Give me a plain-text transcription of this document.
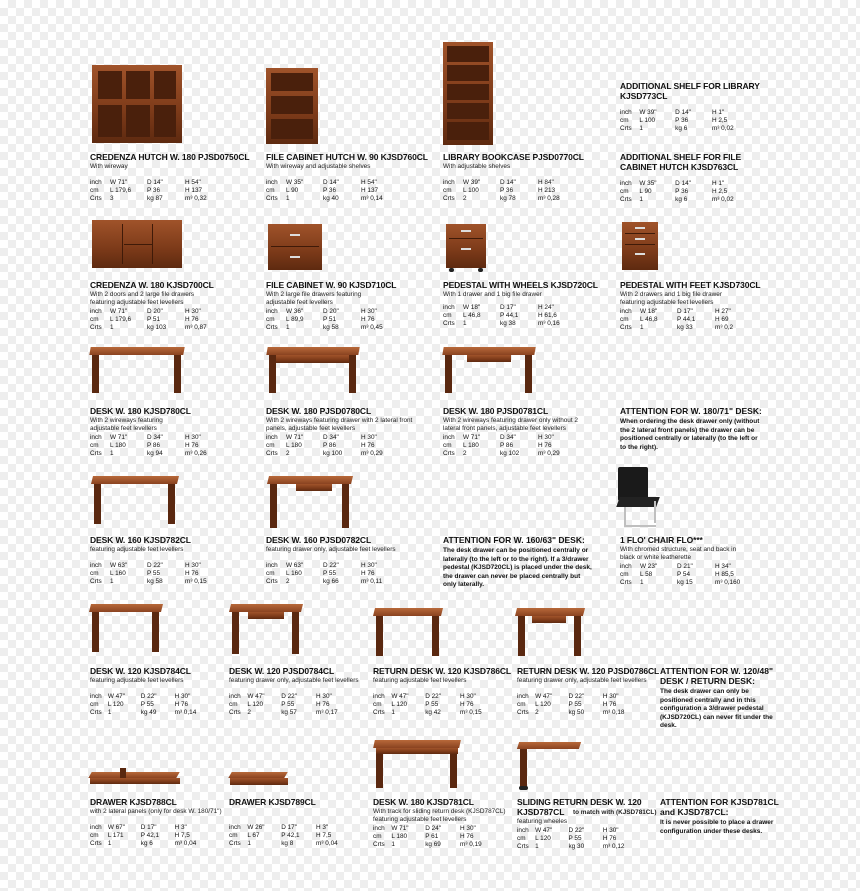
CREDENZA HUTCH W. 180 PJSD0750CL
With wireway
inch	W 71"	D 14"	H 54"
cm	L 179,6	P 36	H 137
Crts	3	kg 87	m³ 0,32
FILE CABINET HUTCH W. 90 KJSD760CL
With wireway and adjustable shelves
inch	W 35"	D 14"	H 54"
cm	L 90	P 36	H 137
Crts	1	kg 40	m³ 0,14
LIBRARY BOOKCASE PJSD0770CL
With adjustable shelves
inch	W 39"	D 14"	H 84"
cm	L 100	P 36	H 213
Crts	2	kg 78	m³ 0,28
ADDITIONAL SHELF FOR LIBRARY KJSD773CL
inch	W 39"	D 14"	H 1"
cm	L 100	P 36	H 2,5
Crts	1	kg 6	m³ 0,02
ADDITIONAL SHELF FOR FILE CABINET HUTCH KJSD763CL
inch	W 35"	D 14"	H 1"
cm	L 90	P 36	H 2,5
Crts	1	kg 6	m³ 0,02
CREDENZA W. 180 KJSD700CL
With 2 doors and 2 large file drawers featuring adjustable feet levellers
inch	W 71"	D 20"	H 30"
cm	L 179,6	P 51	H 76
Crts	1	kg 103	m³ 0,87
FILE CABINET W. 90 KJSD710CL
With 2 large file drawers featuring adjustable feet levellers
inch	W 36"	D 20"	H 30"
cm	L 89,9	P 51	H 76
Crts	1	kg 58	m³ 0,45
PEDESTAL WITH WHEELS KJSD720CL
With 1 drawer and 1 big file drawer
inch	W 18"	D 17"	H 24"
cm	L 46,8	P 44,1	H 61,6
Crts	1	kg 38	m³ 0,16
PEDESTAL WITH FEET KJSD730CL
With 2 drawers and 1 big file drawer featuring adjustable feet levellers
inch	W 18"	D 17"	H 27"
cm	L 46,8	P 44,1	H 69
Crts	1	kg 33	m³ 0,2
DESK W. 180 KJSD780CL
With 2 wireways featuring adjustable feet levellers
inch	W 71"	D 34"	H 30"
cm	L 180	P 86	H 76
Crts	1	kg 94	m³ 0,26
DESK W. 180 PJSD0780CL
With 2 wireways featuring drawer with 2 lateral front panels, adjustable feet levellers
inch	W 71"	D 34"	H 30"
cm	L 180	P 86	H 76
Crts	2	kg 100	m³ 0,29
DESK W. 180 PJSD0781CL
With 2 wireways featuring drawer only without 2 lateral front panels, adjustable feet levellers
inch	W 71"	D 34"	H 30"
cm	L 180	P 86	H 76
Crts	2	kg 102	m³ 0,29
ATTENTION FOR W. 180/71" DESK:
When ordering the desk drawer only (without the 2 lateral front panels) the drawer can be positioned centrally or laterally (to the left or to the right).
DESK W. 160 KJSD782CL
featuring adjustable feet levellers
inch	W 63"	D 22"	H 30"
cm	L 160	P 55	H 76
Crts	1	kg 58	m³ 0,15
DESK W. 160 PJSD0782CL
featuring drawer only, adjustable feet levellers
inch	W 63"	D 22"	H 30"
cm	L 160	P 55	H 76
Crts	2	kg 66	m³ 0,11
ATTENTION FOR W. 160/63" DESK:
The desk drawer can be positioned centrally or laterally (to the left or to the right). If a 3/drawer pedestal (KJSD720CL) is placed under the desk, the drawer can never be placed centrally but only laterally.
1 FLO' CHAIR FLO***
With chromed structure, seat and back in black or white leatherette
inch	W 23"	D 21"	H 34"
cm	L 58	P 54	H 85,5
Crts	1	kg 15	m³ 0,160
DESK W. 120 KJSD784CL
featuring adjustable feet levellers
inch W 47"	D 22"	H 30"
cm	L 120	P 55	H 76
Crts 1	kg 49	m³ 0,14
DESK W. 120 PJSD0784CL
featuring drawer only, adjustable feet levellers
inch	W 47"	D 22"	H 30"
cm	L 120	P 55	H 76
Crts	2	kg 57	m³ 0,17
RETURN DESK W. 120 KJSD786CL
featuring adjustable feet levellers
inch	W 47"	D 22"	H 30"
cm	L 120	P 55	H 76
Crts	1	kg 42	m³ 0,15
RETURN DESK W. 120 PJSD0786CL
featuring drawer only, adjustable feet levellers
inch W 47"	D 22"	H 30"
cm	L 120	P 55	H 76
Crts 2	kg 50	m³ 0,18
ATTENTION FOR W. 120/48" DESK / RETURN DESK:
The desk drawer can only be positioned centrally and in this configuration a 3/drawer pedestal (KJSD720CL) can never fit under the desk.
DRAWER KJSD788CL
with 2 lateral panels (only for desk W. 180/71")
inch W 67"	D 17"	H 3"
cm	L 171	P 42,1	H 7,5
Crts 1	kg 6	m³ 0,04
DRAWER KJSD789CL
inch	W 26"	D 17"	H 3"
cm	L 67	P 42,1	H 7,5
Crts	1	kg 8	m³ 0,04
DESK W. 180 KJSD781CL
With track for sliding return desk (KJSD787CL) featuring adjustable feet levellers
inch	W 71"	D 24"	H 30"
cm	L 180	P 61	H 76
Crts	1	kg 69	m³ 0,19
SLIDING RETURN DESK W. 120 KJSD787CL	to match with (KJSD781CL)
featuring wheeles
inch W 47"	D 22"	H 30"
cm	L 120	P 55	H 76
Crts 1	kg 30	m³ 0,12
ATTENTION FOR KJSD781CL and KJSD787CL:
It is never possible to place a drawer configuration under these desks.
